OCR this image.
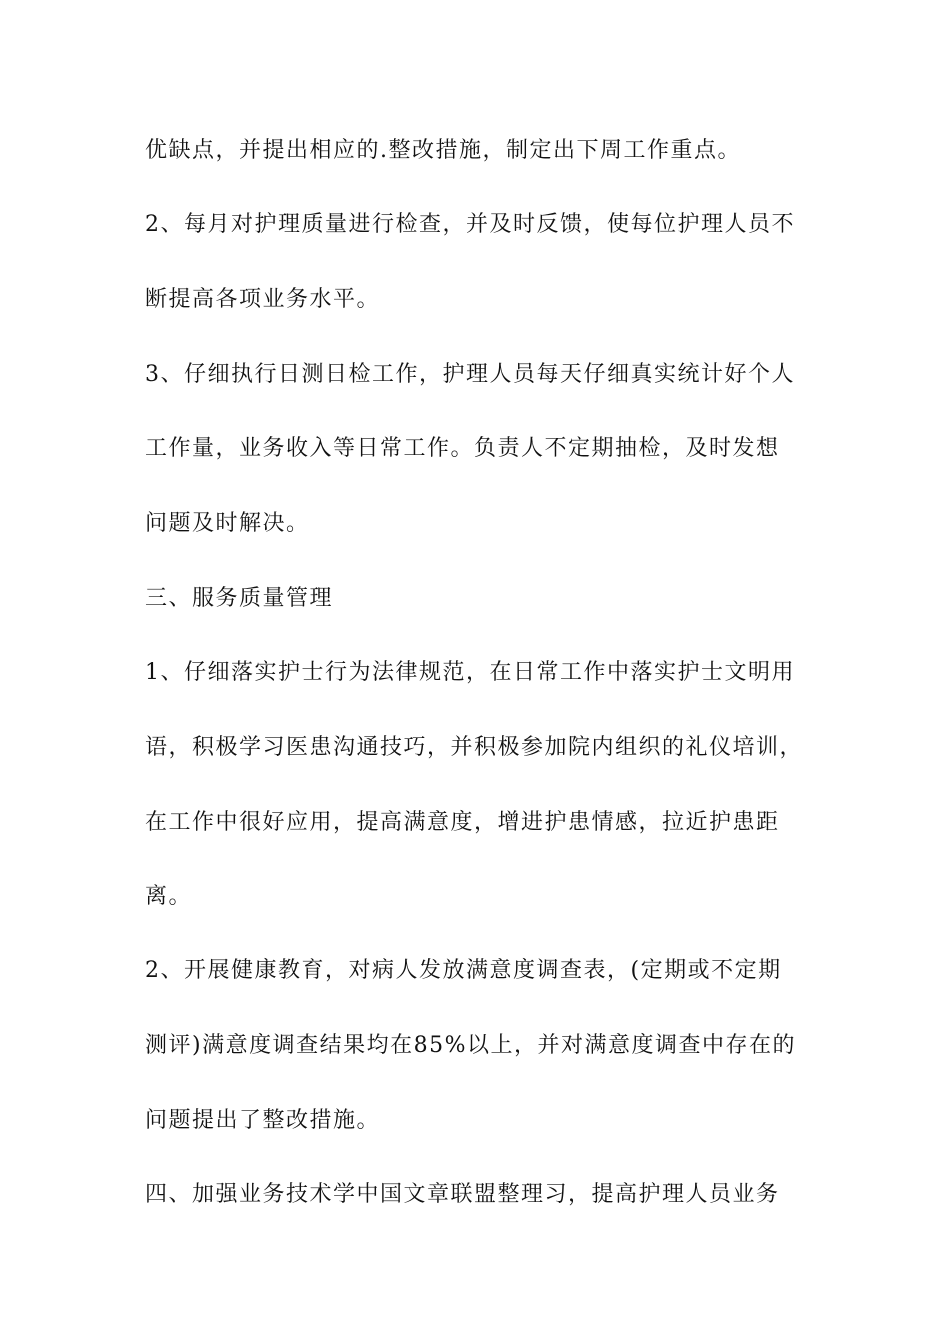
优缺点，并提出相应的.整改措施，制定出下周工作重点。
2、每月对护理质量进行检查，并及时反馈，使每位护理人员不
断提高各项业务水平。
3、仔细执行日测日检工作，护理人员每天仔细真实统计好个人
工作量，业务收入等日常工作。负责人不定期抽检，及时发想
问题及时解决。
三、服务质量管理
1、仔细落实护士行为法律规范，在日常工作中落实护士文明用
语，积极学习医患沟通技巧，并积极参加院内组织的礼仪培训，
在工作中很好应用，提高满意度，增进护患情感，拉近护患距
离。
2、开展健康教育，对病人发放满意度调查表，(定期或不定期
测评)满意度调查结果均在85%以上，并对满意度调查中存在的
问题提出了整改措施。
四、加强业务技术学中国文章联盟整理习，提高护理人员业务
